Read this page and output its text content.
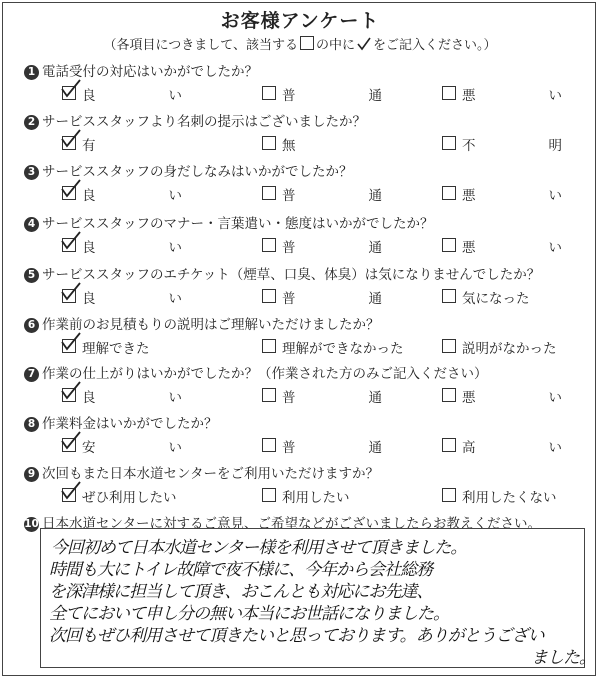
お客様アンケート
（各項目につきまして、該当する の中に をご記入ください。）
1 電話受付の対応はいかがでしたか？
良	い	普	通	悪	い
2 サービススタッフより名刺の提示はございましたか？
有	無	不	明
3 サービススタッフの身だしなみはいかがでしたか？
良	い	普	通	悪	い
4 サービススタッフのマナー・言葉遣い・態度はいかがでしたか？
良	い	普	通	悪	い
5 サービススタッフのエチケット（煙草、口臭、体臭）は気になりませんでしたか？
良	い	普	通	気になった
6 作業前のお見積もりの説明はご理解いただけましたか？
理解できた	理解ができなかった	説明がなかった
7 作業の仕上がりはいかがでしたか？（作業された方のみご記入ください）
良	い	普	通	悪	い
8 作業料金はいかがでしたか？
安	い	普	通	高	い
9 次回もまた日本水道センターをご利用いただけますか？
ぜひ利用したい	利用したい	利用したくない
10 日本水道センターに対するご意見、ご希望などがございましたらお教えください。
今回初めて日本水道センター様を利用させて頂きました。
時間も大にトイレ故障で夜不様に、今年から会社総務
を深津様に担当して頂き、おこんとも対応にお先達、
全てにおいて申し分の無い本当にお世話になりました。
次回もぜひ利用させて頂きたいと思っております。ありがとうござい
ました。
